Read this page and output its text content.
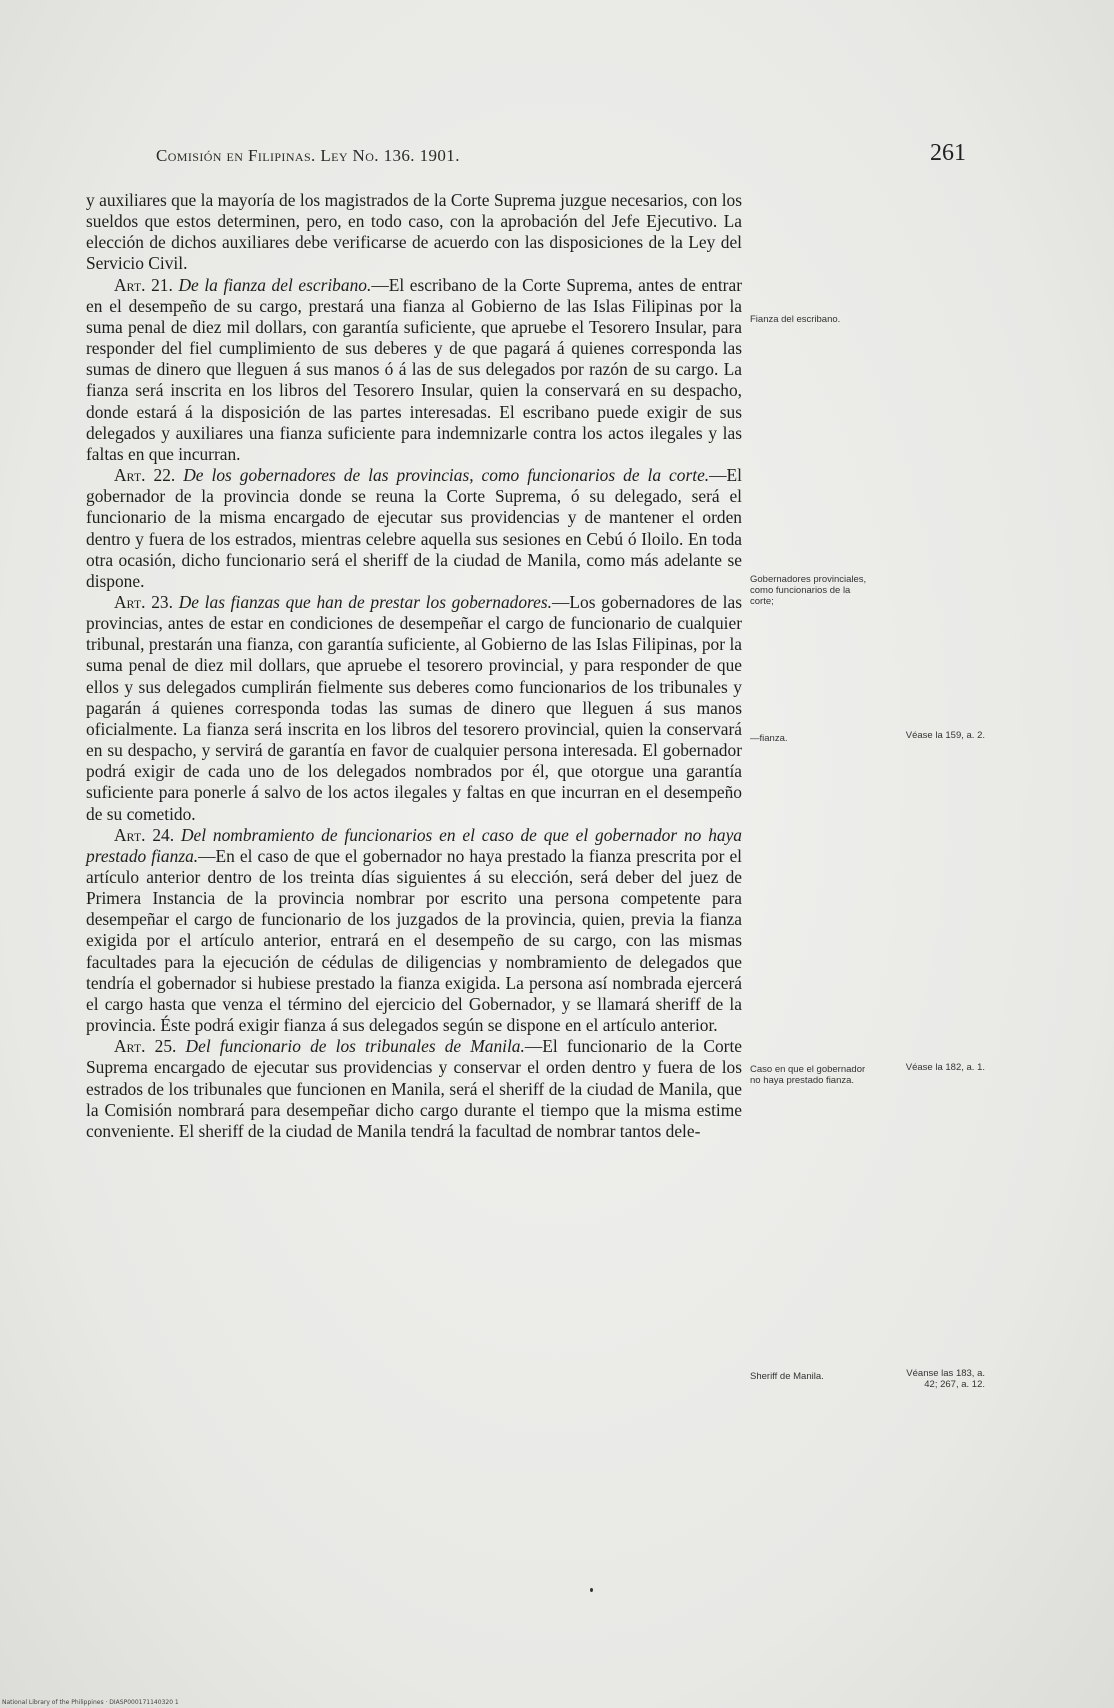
Comisión en Filipinas. Ley No. 136. 1901.	261

y auxiliares que la mayoría de los magistrados de la Corte Suprema juzgue necesarios, con los sueldos que estos determinen, pero, en todo caso, con la aprobación del Jefe Ejecutivo. La elección de dichos auxiliares debe verificarse de acuerdo con las disposiciones de la Ley del Servicio Civil.

Art. 21. De la fianza del escribano.—El escribano de la Corte Suprema, antes de entrar en el desempeño de su cargo, prestará una fianza al Gobierno de las Islas Filipinas por la suma penal de diez mil dollars, con garantía suficiente, que apruebe el Tesorero Insular, para responder del fiel cumplimiento de sus deberes y de que pagará á quienes corresponda las sumas de dinero que lleguen á sus manos ó á las de sus delegados por razón de su cargo. La fianza será inscrita en los libros del Tesorero Insular, quien la conservará en su despacho, donde estará á la disposición de las partes interesadas. El escribano puede exigir de sus delegados y auxiliares una fianza suficiente para indemnizarle contra los actos ilegales y las faltas en que incurran.

Art. 22. De los gobernadores de las provincias, como funcionarios de la corte.—El gobernador de la provincia donde se reuna la Corte Suprema, ó su delegado, será el funcionario de la misma encargado de ejecutar sus providencias y de mantener el orden dentro y fuera de los estrados, mientras celebre aquella sus sesiones en Cebú ó Iloilo. En toda otra ocasión, dicho funcionario será el sheriff de la ciudad de Manila, como más adelante se dispone.

Art. 23. De las fianzas que han de prestar los gobernadores.—Los gobernadores de las provincias, antes de estar en condiciones de desempeñar el cargo de funcionario de cualquier tribunal, prestarán una fianza, con garantía suficiente, al Gobierno de las Islas Filipinas, por la suma penal de diez mil dollars, que apruebe el tesorero provincial, y para responder de que ellos y sus delegados cumplirán fielmente sus deberes como funcionarios de los tribunales y pagarán á quienes corresponda todas las sumas de dinero que lleguen á sus manos oficialmente. La fianza será inscrita en los libros del tesorero provincial, quien la conservará en su despacho, y servirá de garantía en favor de cualquier persona interesada. El gobernador podrá exigir de cada uno de los delegados nombrados por él, que otorgue una garantía suficiente para ponerle á salvo de los actos ilegales y faltas en que incurran en el desempeño de su cometido.

Art. 24. Del nombramiento de funcionarios en el caso de que el gobernador no haya prestado fianza.—En el caso de que el gobernador no haya prestado la fianza prescrita por el artículo anterior dentro de los treinta días siguientes á su elección, será deber del juez de Primera Instancia de la provincia nombrar por escrito una persona competente para desempeñar el cargo de funcionario de los juzgados de la provincia, quien, previa la fianza exigida por el artículo anterior, entrará en el desempeño de su cargo, con las mismas facultades para la ejecución de cédulas de diligencias y nombramiento de delegados que tendría el gobernador si hubiese prestado la fianza exigida. La persona así nombrada ejercerá el cargo hasta que venza el término del ejercicio del Gobernador, y se llamará sheriff de la provincia. Éste podrá exigir fianza á sus delegados según se dispone en el artículo anterior.

Art. 25. Del funcionario de los tribunales de Manila.—El funcionario de la Corte Suprema encargado de ejecutar sus providencias y conservar el orden dentro y fuera de los estrados de los tribunales que funcionen en Manila, será el sheriff de la ciudad de Manila, que la Comisión nombrará para desempeñar dicho cargo durante el tiempo que la misma estime conveniente. El sheriff de la ciudad de Manila tendrá la facultad de nombrar tantos dele-

Fianza del escribano.
Gobernadores provinciales, como funcionarios de la corte;
—fianza.
Caso en que el gobernador no haya prestado fianza.
Sheriff de Manila.
Véase la 159, a. 2.
Véase la 182, a. 1.
Véanse las 183, a. 42; 267, a. 12.
National Library of the Philippines · DIASP000171140320 1
